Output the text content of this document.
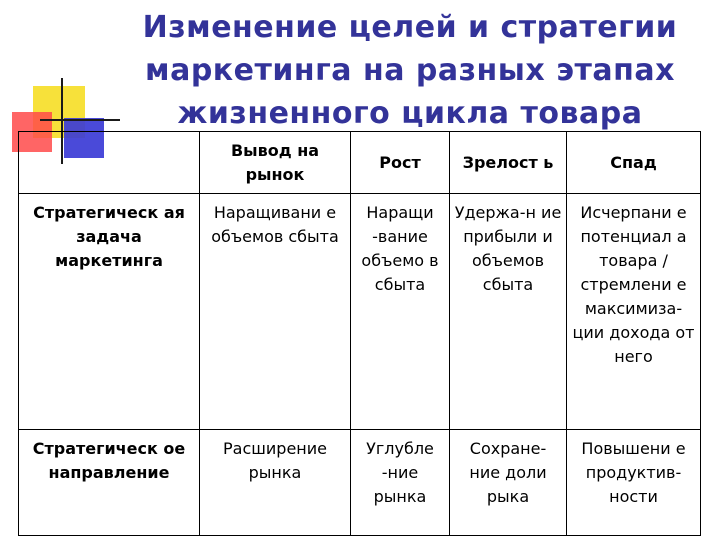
Изменение целей и стратегии маркетинга на разных этапах жизненного цикла товара
	Вывод на рынок	Рост	Зрелост ь	Спад
Стратегическ ая задача маркетинга	Наращивани е объемов сбыта	Наращи -вание объемо в сбыта	Удержа-н ие прибыли и объемов сбыта	Исчерпани е потенциал а товара / стремлени е максимиза- ции дохода от него
Стратегическ ое направление	Расширение рынка	Углубле -ние рынка	Сохране- ние доли рыка	Повышени е продуктив- ности
